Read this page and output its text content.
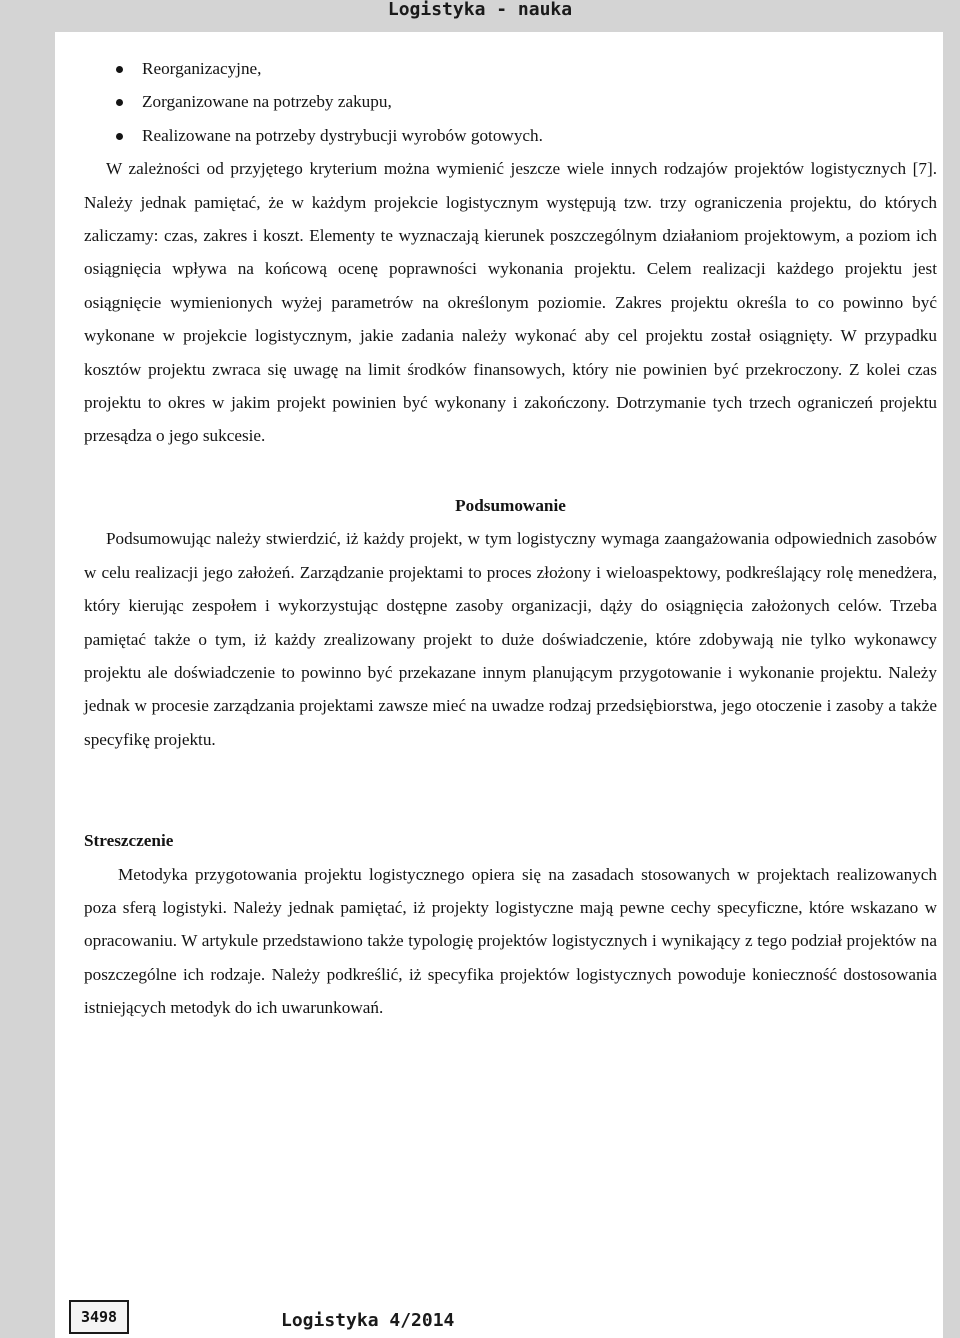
Logistyka - nauka
Reorganizacyjne,
Zorganizowane na potrzeby zakupu,
Realizowane na potrzeby dystrybucji wyrobów gotowych.

W zależności od przyjętego kryterium można wymienić jeszcze wiele innych rodzajów projektów logistycznych [7]. Należy jednak pamiętać, że w każdym projekcie logistycznym występują tzw. trzy ograniczenia projektu, do których zaliczamy: czas, zakres i koszt. Elementy te wyznaczają kierunek poszczególnym działaniom projektowym, a poziom ich osiągnięcia wpływa na końcową ocenę poprawności wykonania projektu. Celem realizacji każdego projektu jest osiągnięcie wymienionych wyżej parametrów na określonym poziomie. Zakres projektu określa to co powinno być wykonane w projekcie logistycznym, jakie zadania należy wykonać aby cel projektu został osiągnięty. W przypadku kosztów projektu zwraca się uwagę na limit środków finansowych, który nie powinien być przekroczony. Z kolei czas projektu to okres w jakim projekt powinien być wykonany i zakończony. Dotrzymanie tych trzech ograniczeń projektu przesądza o jego sukcesie.

Podsumowanie

Podsumowując należy stwierdzić, iż każdy projekt, w tym logistyczny wymaga zaangażowania odpowiednich zasobów w celu realizacji jego założeń. Zarządzanie projektami to proces złożony i wieloaspektowy, podkreślający rolę menedżera, który kierując zespołem i wykorzystując dostępne zasoby organizacji, dąży do osiągnięcia założonych celów. Trzeba pamiętać także o tym, iż każdy zrealizowany projekt to duże doświadczenie, które zdobywają nie tylko wykonawcy projektu ale doświadczenie to powinno być przekazane innym planującym przygotowanie i wykonanie projektu. Należy jednak w procesie zarządzania projektami zawsze mieć na uwadze rodzaj przedsiębiorstwa, jego otoczenie i zasoby a także specyfikę projektu.

Streszczenie

Metodyka przygotowania projektu logistycznego opiera się na zasadach stosowanych w projektach realizowanych poza sferą logistyki. Należy jednak pamiętać, iż projekty logistyczne mają pewne cechy specyficzne, które wskazano w opracowaniu. W artykule przedstawiono także typologię projektów logistycznych i wynikający z tego podział projektów na poszczególne ich rodzaje. Należy podkreślić, iż specyfika projektów logistycznych powoduje konieczność dostosowania istniejących metodyk do ich uwarunkowań.

3498	Logistyka 4/2014
